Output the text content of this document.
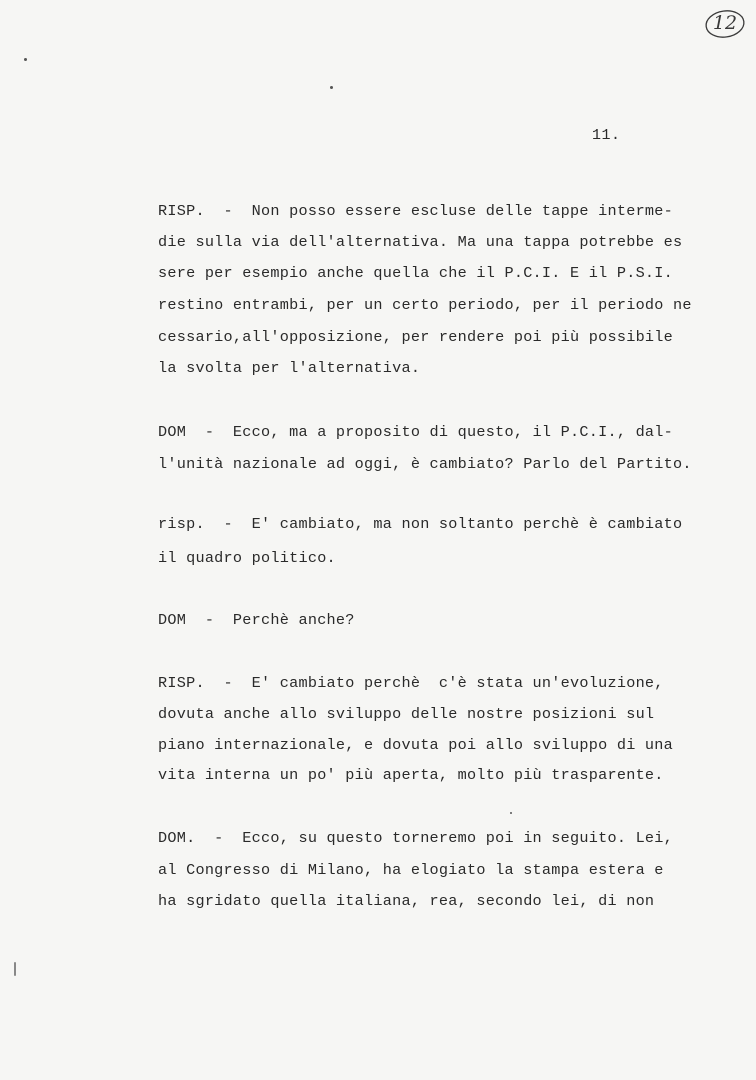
12
11.
RISP.  -  Non posso essere escluse delle tappe interme-
die sulla via dell'alternativa. Ma una tappa potrebbe es
sere per esempio anche quella che il P.C.I. E il P.S.I.
restino entrambi, per un certo periodo, per il periodo ne
cessario,all'opposizione, per rendere poi più possibile
la svolta per l'alternativa.
DOM  -  Ecco, ma a proposito di questo, il P.C.I., dal-
l'unità nazionale ad oggi, è cambiato? Parlo del Partito.
risp.  -  E' cambiato, ma non soltanto perchè è cambiato
il quadro politico.
DOM  -  Perchè anche?
RISP.  -  E' cambiato perchè  c'è stata un'evoluzione,
dovuta anche allo sviluppo delle nostre posizioni sul
piano internazionale, e dovuta poi allo sviluppo di una
vita interna un po' più aperta, molto più trasparente.
DOM.  -  Ecco, su questo torneremo poi in seguito. Lei,
al Congresso di Milano, ha elogiato la stampa estera e
ha sgridato quella italiana, rea, secondo lei, di non
